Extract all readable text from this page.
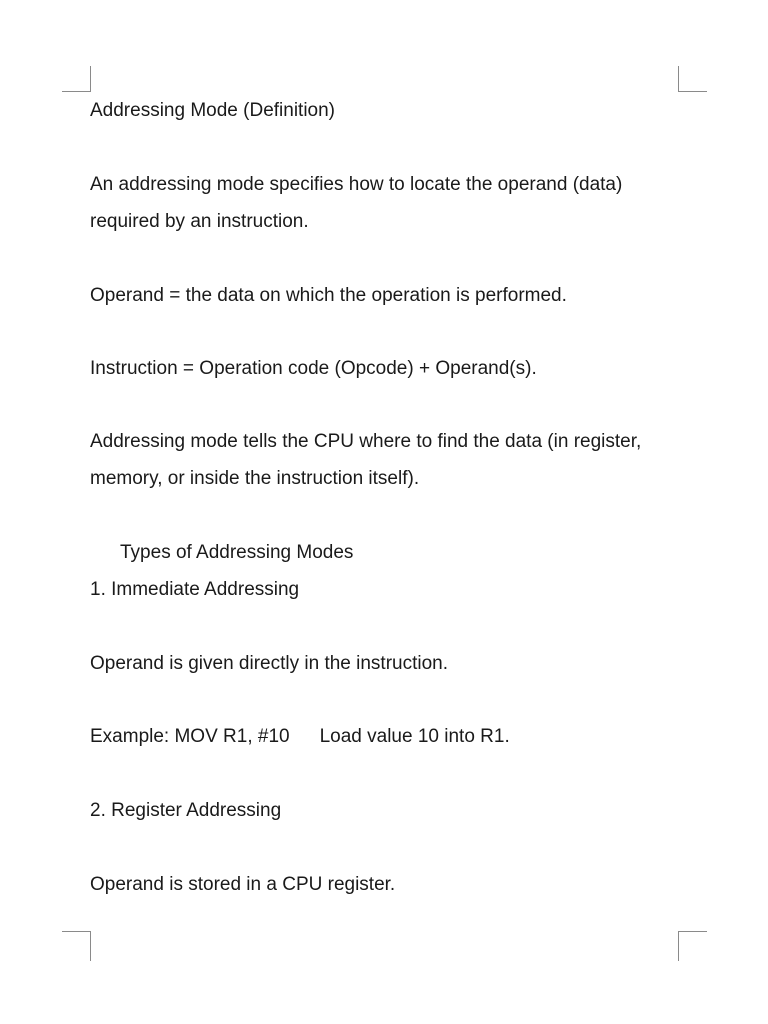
Addressing Mode (Definition)
An addressing mode specifies how to locate the operand (data)
required by an instruction.
Operand = the data on which the operation is performed.
Instruction = Operation code (Opcode) + Operand(s).
Addressing mode tells the CPU where to find the data (in register,
memory, or inside the instruction itself).
Types of Addressing Modes
1. Immediate Addressing
Operand is given directly in the instruction.
Example: MOV R1, #10 Load value 10 into R1.
2. Register Addressing
Operand is stored in a CPU register.
